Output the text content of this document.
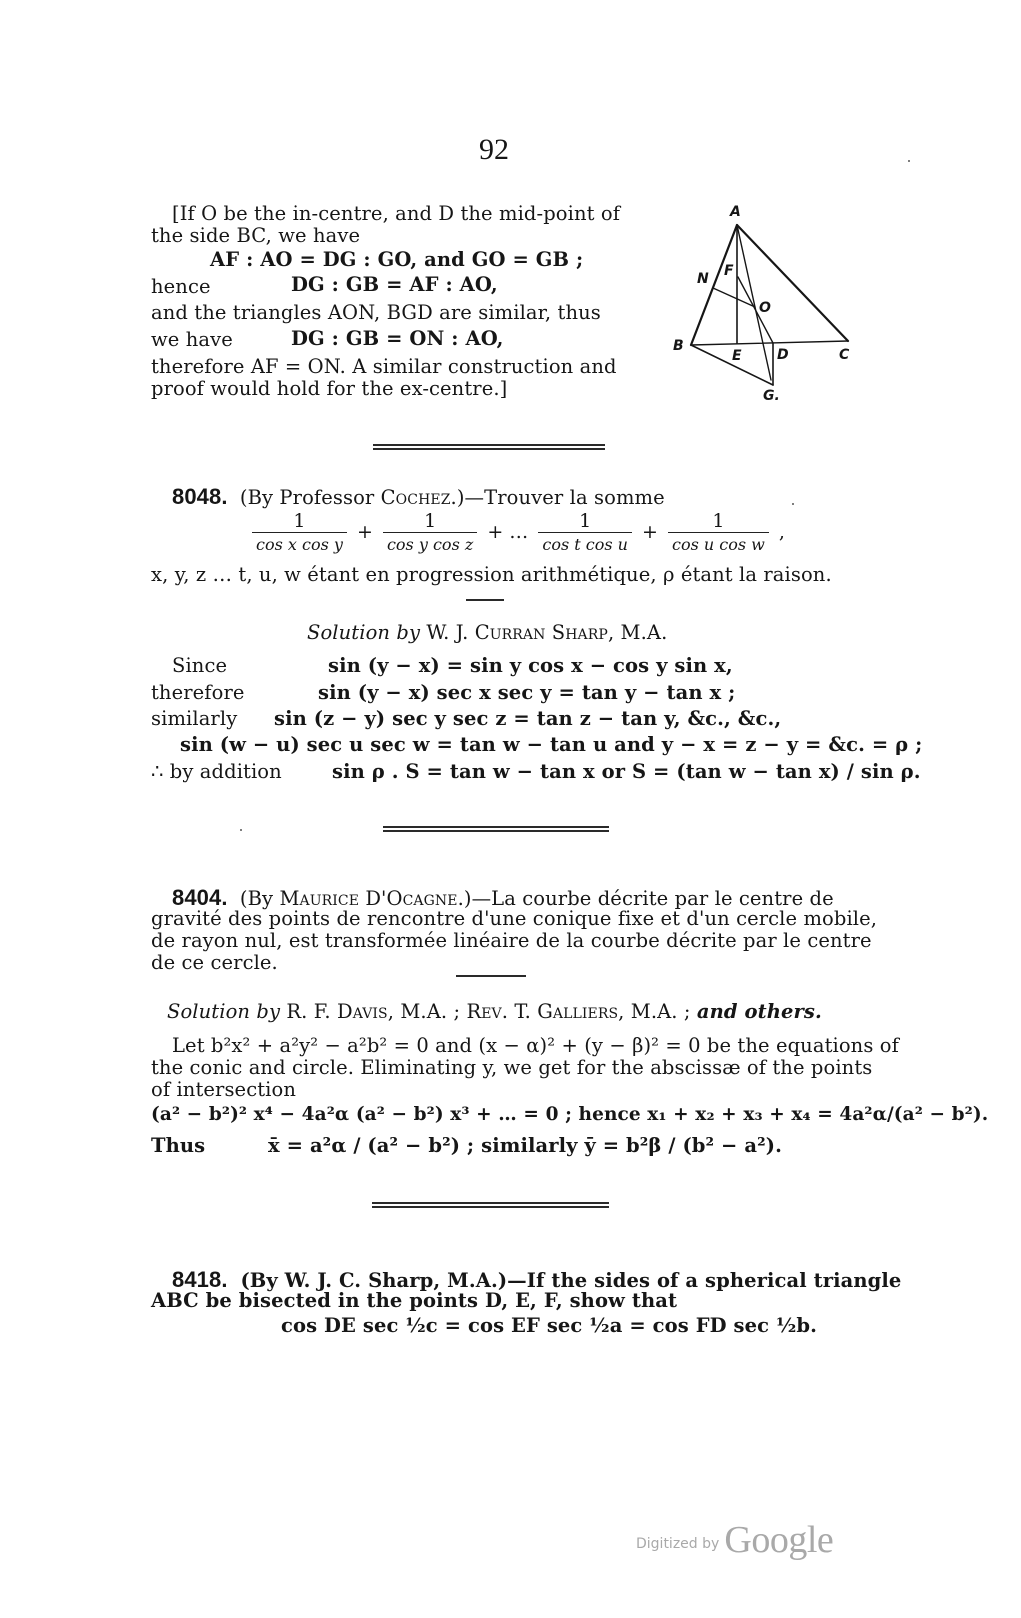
92
[If O be the in-centre, and D the mid-point of
the side BC, we have
AF : AO = DG : GO, and GO = GB ;
hence	DG : GB = AF : AO,
and the triangles AON, BGD are similar, thus
we have	DG : GB = ON : AO,
therefore AF = ON. A similar construction and
proof would hold for the ex-centre.]
A
N F
O
B
E	D	C
G.
8048. (By Professor Cochez.)—Trouver la somme
$\frac{1}{\text{cos x cos y}} + \frac{1}{\text{cos y cos z}}$ + … $\frac{1}{\text{cos t cos u}} + \frac{1}{\text{cos u cos w}}$ ,
x, y, z … t, u, w étant en progression arithmétique, ρ étant la raison.
Solution by W. J. Curran Sharp, M.A.
Since	sin (y − x) = sin y cos x − cos y sin x,
therefore	sin (y − x) sec x sec y = tan y − tan x ;
similarly sin (z − y) sec y sec z = tan z − tan y, &c., &c.,
sin (w − u) sec u sec w = tan w − tan u and y − x = z − y = &c. = ρ ;
∴ by addition	sin ρ . S = tan w − tan x or S = (tan w − tan x) / sin ρ.
8404. (By Maurice D'Ocagne.)—La courbe décrite par le centre de
gravité des points de rencontre d'une conique fixe et d'un cercle mobile,
de rayon nul, est transformée linéaire de la courbe décrite par le centre
de ce cercle.
Solution by R. F. Davis, M.A. ; Rev. T. Galliers, M.A. ; and others.
Let b²x² + a²y² − a²b² = 0 and (x − α)² + (y − β)² = 0 be the equations of
the conic and circle. Eliminating y, we get for the abscissæ of the points
of intersection
(a² − b²)² x⁴ − 4a²α (a² − b²) x³ + … = 0 ; hence x₁ + x₂ + x₃ + x₄ = 4a²α/(a² − b²).
Thus	x̄ = a²α / (a² − b²) ; similarly ȳ = b²β / (b² − a²).
8418. (By W. J. C. Sharp, M.A.)—If the sides of a spherical triangle
ABC be bisected in the points D, E, F, show that
cos DE sec ½c = cos EF sec ½a = cos FD sec ½b.
Digitized by Google
